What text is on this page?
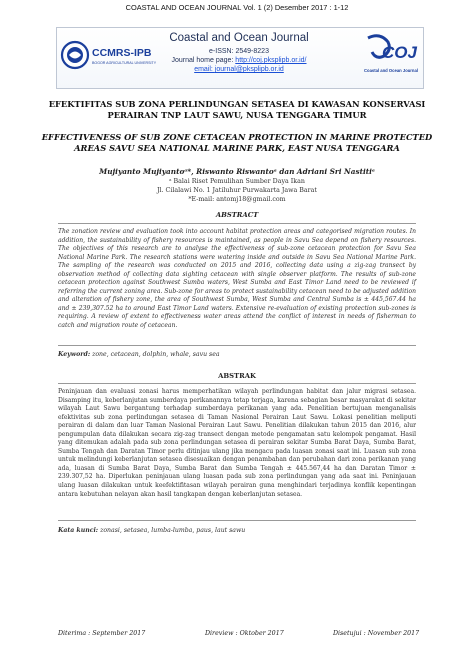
COASTAL AND OCEAN JOURNAL Vol. 1 (2) Desember 2017 : 1-12
CCMRS-IPB
BOGOR AGRICULTURAL UNIVERSITY
Coastal and Ocean Journal
e-ISSN: 2549-8223
Journal home page: http://coj.pksplipb.or.id/
email: journal@pksplipb.or.id
COJ
Coastal and Ocean Journal
EFEKTIFITAS SUB ZONA PERLINDUNGAN SETASEA DI KAWASAN KONSERVASI
PERAIRAN TNP LAUT SAWU, NUSA TENGGARA TIMUR
EFFECTIVENESS OF SUB ZONE CETACEAN PROTECTION IN MARINE PROTECTED
AREAS SAVU SEA NATIONAL MARINE PARK, EAST NUSA TENGGARA
Mujiyanto Mujiyantoᵃ*, Riswanto Riswantoᵃ dan Adriani Sri Nastitiᵃ
ᵃ Balai Riset Pemulihan Sumber Daya Ikan
Jl. Cilalawi No. 1 Jatiluhur Purwakarta Jawa Barat
*E-mail: antomj18@gmail.com
ABSTRACT
The zonation review and evaluation took into account habitat protection areas and categorised migration routes. In addition, the sustainability of fishery resources is maintained, as people in Savu Sea depend on fishery resources. The objectives of this research are to analyse the effectiveness of sub-zone cetacean protection for Savu Sea National Marine Park. The research stations were watering inside and outside in Savu Sea National Marine Park. The sampling of the research was conducted on 2015 and 2016, collecting data using a zig-zag transect by observation method of collecting data sighting cetacean with single observer platform. The results of sub-zone cetacean protection against Southwest Sumba waters, West Sumba and East Timor Land need to be reviewed if referring the current zoning area. Sub-zone for areas to protect sustainability cetacean need to be adjusted addition and alteration of fishery zone, the area of Southwest Sumba, West Sumba and Central Sumba is ± 445,567.44 ha and ± 239,307.52 ha to around East Timor Land waters. Extensive re-evaluation of existing protection sub-zones is requiring. A review of extent to effectiveness water areas attend the conflict of interest in needs of fisherman to catch and migration route of cetacean.
Keyword: zone, cetacean, dolphin, whale, savu sea
ABSTRAK
Peninjauan dan evaluasi zonasi harus memperhatikan wilayah perlindungan habitat dan jalur migrasi setasea. Disamping itu, keberlanjutan sumberdaya perikanannya tetap terjaga, karena sebagian besar masyarakat di sekitar wilayah Laut Sawu bergantung terhadap sumberdaya perikanan yang ada. Penelitian bertujuan menganalisis efektivitas sub zona perlindungan setasea di Taman Nasional Perairan Laut Sawu. Lokasi penelitian meliputi perairan di dalam dan luar Taman Nasional Perairan Laut Sawu. Penelitian dilakukan tahun 2015 dan 2016, alur pengumpulan data dilakukan secara zig-zag transect dengan metode pengamatan satu kelompok pengamat. Hasil yang ditemukan adalah pada sub zona perlindungan setasea di perairan sekitar Sumba Barat Daya, Sumba Barat, Sumba Tengah dan Daratan Timor perlu ditinjau ulang jika mengacu pada luasan zonasi saat ini. Luasan sub zona untuk melindungi keberlanjutan setasea disesuaikan dengan penambahan dan perubahan dari zona perikanan yang ada, luasan di Sumba Barat Daya, Sumba Barat dan Sumba Tengah ± 445.567,44 ha dan Daratan Timor ± 239.307,52 ha. Diperlukan peninjauan ulang luasan pada sub zona perlindungan yang ada saat ini. Peninjauan ulang luasan dilakukan untuk keefektifitasan wilayah perairan guna menghindari terjadinya konflik kepentingan antara kebutuhan nelayan akan hasil tangkapan dengan keberlanjutan setasea.
Kata kunci: zonasi, setasea, lumba-lumba, paus, laut sawu
Diterima : September 2017	Direview : Oktober 2017	Disetujui : November 2017
